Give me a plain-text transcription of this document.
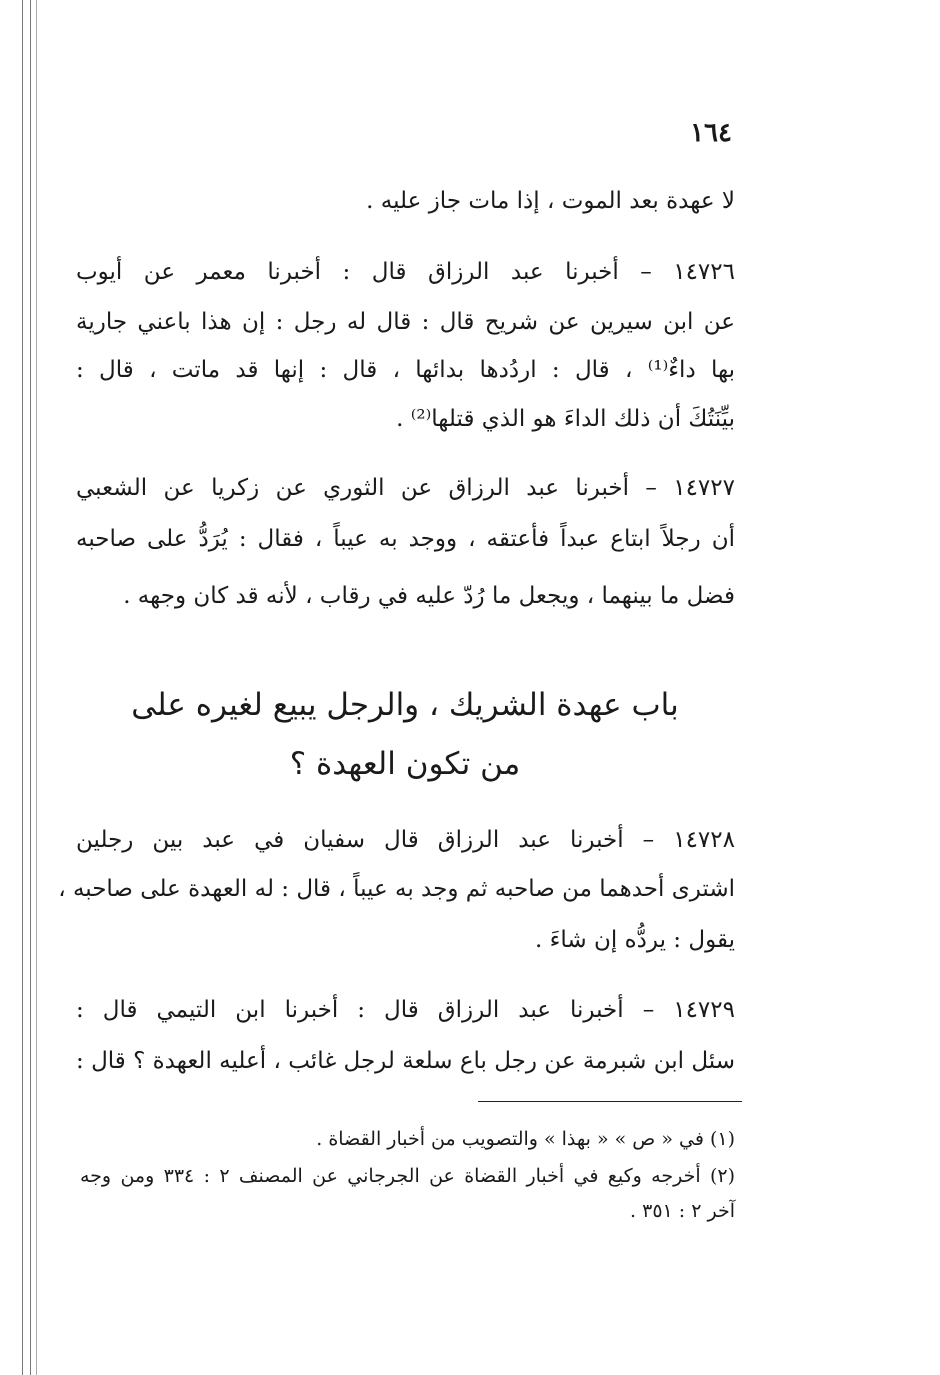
١٦٤
لا عهدة بعد الموت ، إذا مات جاز عليه .
١٤٧٢٦ – أخبرنا عبد الرزاق قال : أخبرنا معمر عن أيوب
عن ابن سيرين عن شريح قال : قال له رجل : إن هذا باعني جارية
بها داءٌ⁽¹⁾ ، قال : اردُدها بدائها ، قال : إنها قد ماتت ، قال :
بيِّنَتُكَ أن ذلك الداءَ هو الذي قتلها⁽²⁾ .
١٤٧٢٧ – أخبرنا عبد الرزاق عن الثوري عن زكريا عن الشعبي
أن رجلاً ابتاع عبداً فأعتقه ، ووجد به عيباً ، فقال : يُرَدُّ على صاحبه
فضل ما بينهما ، ويجعل ما رُدّ عليه في رقاب ، لأنه قد كان وجهه .
باب عهدة الشريك ، والرجل يبيع لغيره على
من تكون العهدة ؟
١٤٧٢٨ – أخبرنا عبد الرزاق قال سفيان في عبد بين رجلين
اشترى أحدهما من صاحبه ثم وجد به عيباً ، قال : له العهدة على صاحبه ،
يقول : يردُّه إن شاءَ .
١٤٧٢٩ – أخبرنا عبد الرزاق قال : أخبرنا ابن التيمي قال :
سئل ابن شبرمة عن رجل باع سلعة لرجل غائب ، أعليه العهدة ؟ قال :
(١) في « ص » « بهذا » والتصويب من أخبار القضاة .
(٢) أخرجه وكيع في أخبار القضاة عن الجرجاني عن المصنف ٢ : ٣٣٤ ومن وجه
آخر ٢ : ٣٥١ .
